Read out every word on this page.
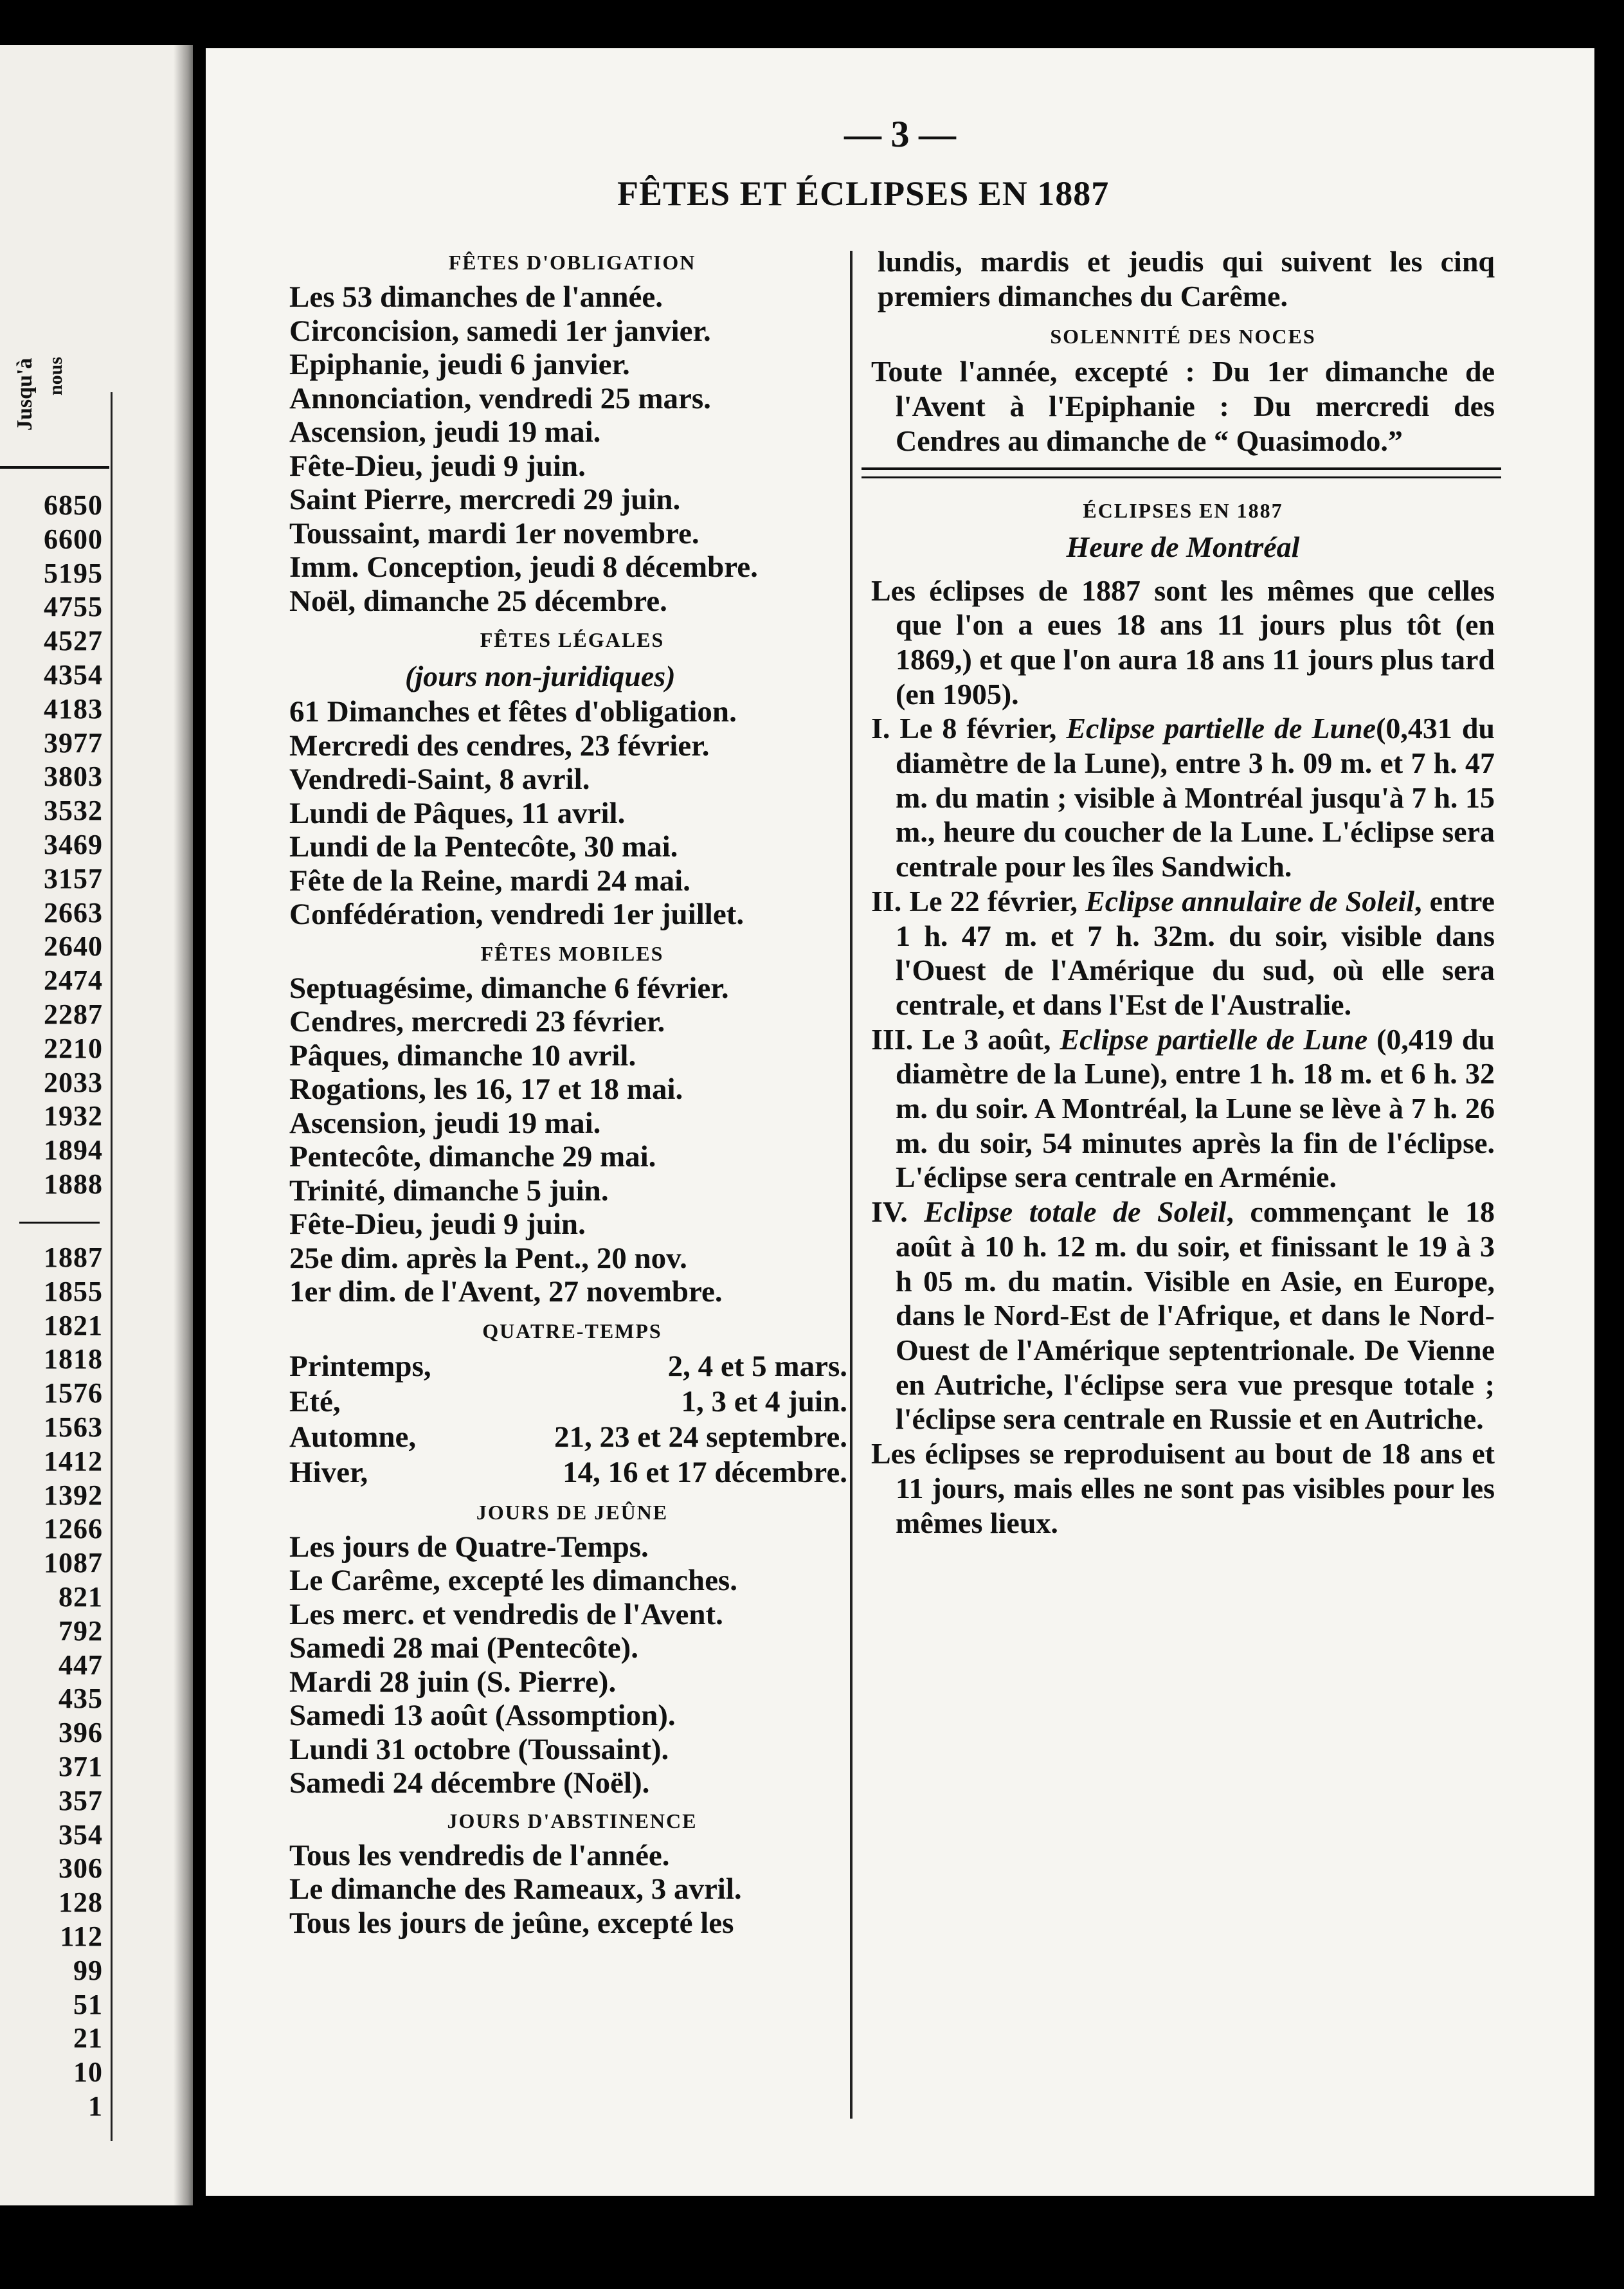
Jusqu'à nous
6850
6600
5195
4755
4527
4354
4183
3977
3803
3532
3469
3157
2663
2640
2474
2287
2210
2033
1932
1894
1888
1887
1855
1821
1818
1576
1563
1412
1392
1266
1087
821
792
447
435
396
371
357
354
306
128
112
99
51
21
10
1
— 3 —
FÊTES ET ÉCLIPSES EN 1887

FÊTES D'OBLIGATION

Les 53 dimanches de l'année.

Circoncision, samedi 1er janvier.

Epiphanie, jeudi 6 janvier.

Annonciation, vendredi 25 mars.

Ascension, jeudi 19 mai.

Fête-Dieu, jeudi 9 juin.

Saint Pierre, mercredi 29 juin.

Toussaint, mardi 1er novembre.

Imm. Conception, jeudi 8 décembre.

Noël, dimanche 25 décembre.

FÊTES LÉGALES

(jours non-juridiques)

61 Dimanches et fêtes d'obligation.

Mercredi des cendres, 23 février.

Vendredi-Saint, 8 avril.

Lundi de Pâques, 11 avril.

Lundi de la Pentecôte, 30 mai.

Fête de la Reine, mardi 24 mai.

Confédération, vendredi 1er juillet.

FÊTES MOBILES

Septuagésime, dimanche 6 février.

Cendres, mercredi 23 février.

Pâques, dimanche 10 avril.

Rogations, les 16, 17 et 18 mai.

Ascension, jeudi 19 mai.

Pentecôte, dimanche 29 mai.

Trinité, dimanche 5 juin.

Fête-Dieu, jeudi 9 juin.

25e dim. après la Pent., 20 nov.

1er dim. de l'Avent, 27 novembre.

QUATRE-TEMPS

Printemps,	2, 4 et 5 mars.
Eté,	1, 3 et 4 juin.
Automne,	21, 23 et 24 septembre.
Hiver,	14, 16 et 17 décembre.

JOURS DE JEÛNE

Les jours de Quatre-Temps.

Le Carême, excepté les dimanches.

Les merc. et vendredis de l'Avent.

Samedi 28 mai (Pentecôte).

Mardi 28 juin (S. Pierre).

Samedi 13 août (Assomption).

Lundi 31 octobre (Toussaint).

Samedi 24 décembre (Noël).

JOURS D'ABSTINENCE

Tous les vendredis de l'année.

Le dimanche des Rameaux, 3 avril.

Tous les jours de jeûne, excepté les

lundis, mardis et jeudis qui suivent les cinq premiers dimanches du Carême.

SOLENNITÉ DES NOCES

Toute l'année, excepté : Du 1er dimanche de l'Avent à l'Epiphanie : Du mercredi des Cendres au dimanche de “ Quasimodo.”

ÉCLIPSES EN 1887

Heure de Montréal

Les éclipses de 1887 sont les mêmes que celles que l'on a eues 18 ans 11 jours plus tôt (en 1869,) et que l'on aura 18 ans 11 jours plus tard (en 1905).

I. Le 8 février, Eclipse partielle de Lune(0,431 du diamètre de la Lune), entre 3 h. 09 m. et 7 h. 47 m. du matin ; visible à Montréal jusqu'à 7 h. 15 m., heure du coucher de la Lune. L'éclipse sera centrale pour les îles Sandwich.

II. Le 22 février, Eclipse annulaire de Soleil, entre 1 h. 47 m. et 7 h. 32m. du soir, visible dans l'Ouest de l'Amérique du sud, où elle sera centrale, et dans l'Est de l'Australie.

III. Le 3 août, Eclipse partielle de Lune (0,419 du diamètre de la Lune), entre 1 h. 18 m. et 6 h. 32 m. du soir. A Montréal, la Lune se lève à 7 h. 26 m. du soir, 54 minutes après la fin de l'éclipse. L'éclipse sera centrale en Arménie.

IV. Eclipse totale de Soleil, commençant le 18 août à 10 h. 12 m. du soir, et finissant le 19 à 3 h 05 m. du matin. Visible en Asie, en Europe, dans le Nord-Est de l'Afrique, et dans le Nord-Ouest de l'Amérique septentrionale. De Vienne en Autriche, l'éclipse sera vue presque totale ; l'éclipse sera centrale en Russie et en Autriche.

Les éclipses se reproduisent au bout de 18 ans et 11 jours, mais elles ne sont pas visibles pour les mêmes lieux.
